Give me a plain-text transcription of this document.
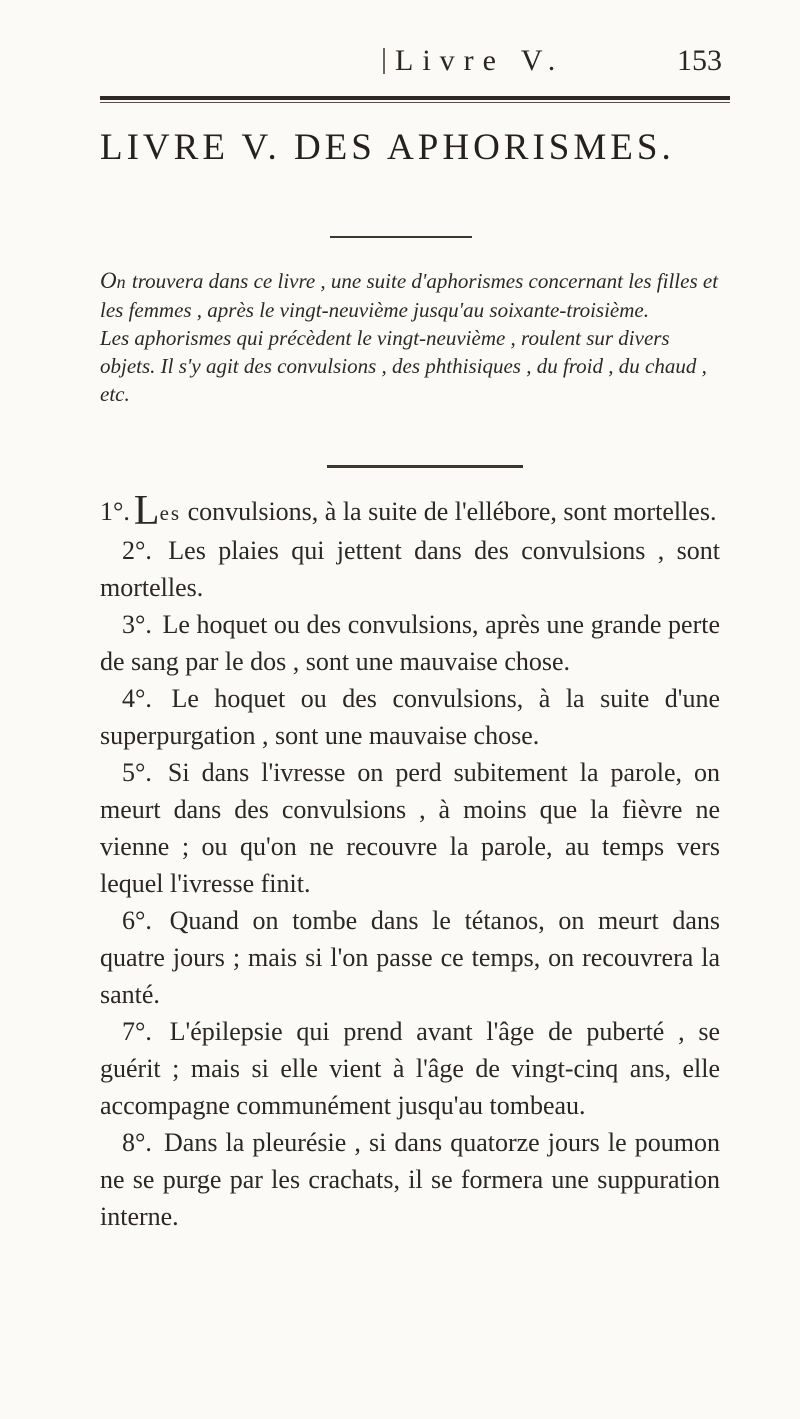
Livre V.	153
LIVRE V. DES APHORISMES.

On trouvera dans ce livre , une suite d'aphorismes concernant les filles et les femmes , après le vingt-neuvième jusqu'au soixante-troisième.

Les aphorismes qui précèdent le vingt-neuvième , roulent sur divers objets. Il s'y agit des convulsions , des phthisiques , du froid , du chaud , etc.

1°.Les convulsions, à la suite de l'ellébore, sont mortelles.

2°. Les plaies qui jettent dans des convulsions , sont mortelles.

3°. Le hoquet ou des convulsions, après une grande perte de sang par le dos , sont une mauvaise chose.

4°. Le hoquet ou des convulsions, à la suite d'une superpurgation , sont une mauvaise chose.

5°. Si dans l'ivresse on perd subitement la parole, on meurt dans des convulsions , à moins que la fièvre ne vienne ; ou qu'on ne recouvre la parole, au temps vers lequel l'ivresse finit.

6°. Quand on tombe dans le tétanos, on meurt dans quatre jours ; mais si l'on passe ce temps, on recouvrera la santé.

7°. L'épilepsie qui prend avant l'âge de puberté , se guérit ; mais si elle vient à l'âge de vingt-cinq ans, elle accompagne communément jusqu'au tombeau.

8°. Dans la pleurésie , si dans quatorze jours le poumon ne se purge par les crachats, il se formera une suppuration interne.
